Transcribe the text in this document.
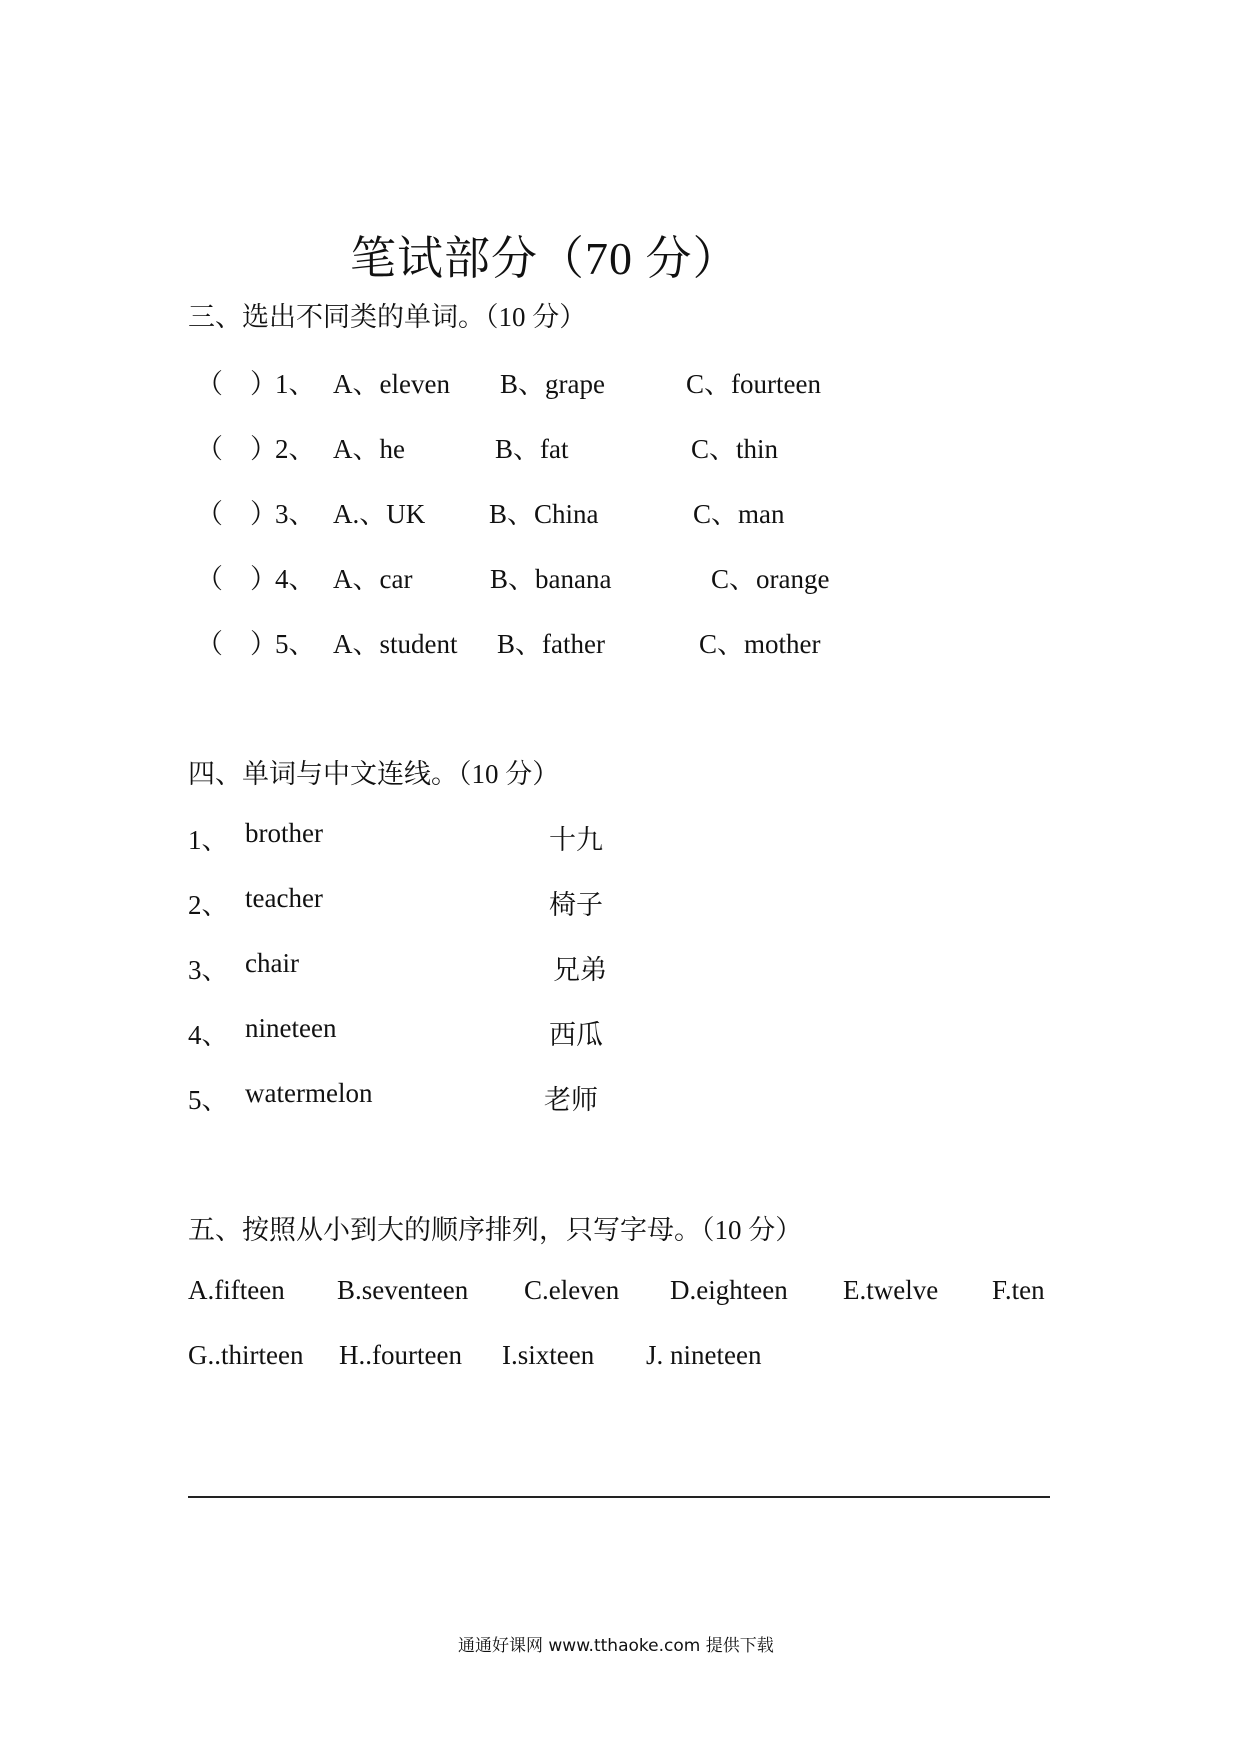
笔试部分（70 分）
三、选出不同类的单词。（10 分）
（　）
1、 A、eleven B、grape	C、fourteen
（　）
2、 A、he	B、fat	C、thin
（　）
3、 A.、UK B、China	C、man
（　）
4、 A、car	B、banana	C、orange
（　）
5、 A、student B、father	C、mother
四、单词与中文连线。（10 分）
1、 brother	十九
2、 teacher	椅子
3、 chair	兄弟
4、 nineteen	西瓜
5、 watermelon	老师
五、按照从小到大的顺序排列，只写字母。（10 分）
A.fifteen B.seventeen C.eleven D.eighteen E.twelve F.ten
G..thirteen H..fourteen I.sixteen J. nineteen
通通好课网 www.tthaoke.com 提供下载
